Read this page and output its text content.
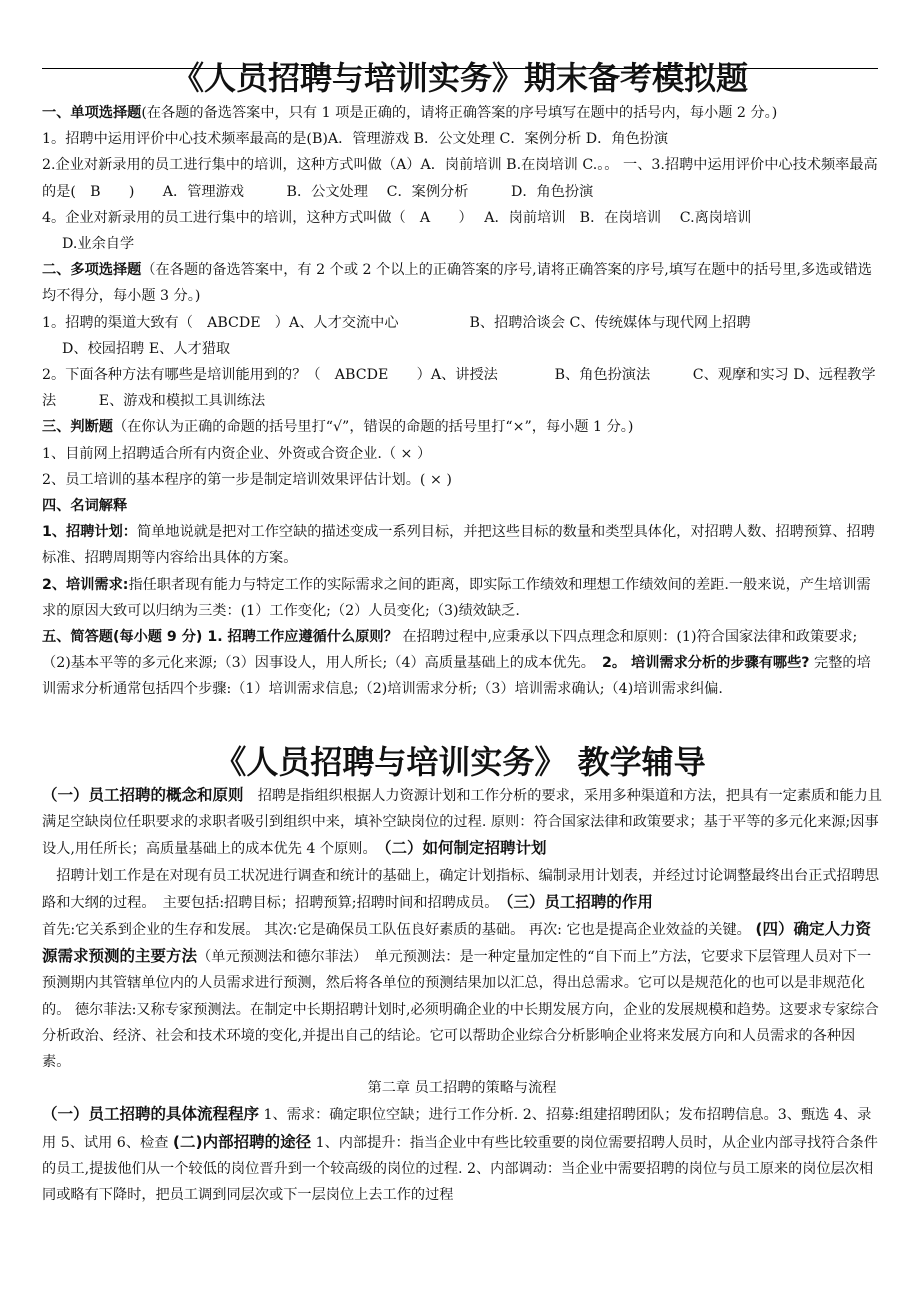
《人员招聘与培训实务》期末备考模拟题

一、单项选择题(在各题的备选答案中，只有 1 项是正确的，请将正确答案的序号填写在题中的括号内，每小题 2 分。)

1。招聘中运用评价中心技术频率最高的是(B)A．管理游戏 B．公文处理 C．案例分析 D．角色扮演

2.企业对新录用的员工进行集中的培训，这种方式叫做（A）A．岗前培训 B.在岗培训 C.。。 一、3.招聘中运用评价中心技术频率最高的是(　B　　)　　A．管理游戏　　　B．公文处理　 C．案例分析　　　D．角色扮演

4。企业对新录用的员工进行集中的培训，这种方式叫做（　A　　）　 A．岗前培训　B．在岗培训　 C.离岗培训

D.业余自学

二、多项选择题（在各题的备选答案中，有 2 个或 2 个以上的正确答案的序号,请将正确答案的序号,填写在题中的括号里,多选或错选均不得分，每小题 3 分。)

1。招聘的渠道大致有（　ABCDE　）A、人才交流中心　　　　　B、招聘洽谈会 C、传统媒体与现代网上招聘

D、校园招聘 E、人才猎取

2。下面各种方法有哪些是培训能用到的？（　ABCDE　　）A、讲授法　　　　B、角色扮演法　　　C、观摩和实习 D、远程教学法　　　E、游戏和模拟工具训练法

三、判断题（在你认为正确的命题的括号里打“√”，错误的命题的括号里打“×”，每小题 1 分。)

1、目前网上招聘适合所有内资企业、外资或合资企业.（ × ）

2、员工培训的基本程序的第一步是制定培训效果评估计划。( × )

四、名词解释

1、招聘计划：简单地说就是把对工作空缺的描述变成一系列目标，并把这些目标的数量和类型具体化，对招聘人数、招聘预算、招聘标准、招聘周期等内容给出具体的方案。

2、培训需求:指任职者现有能力与特定工作的实际需求之间的距离，即实际工作绩效和理想工作绩效间的差距.一般来说，产生培训需求的原因大致可以归纳为三类：(1）工作变化;（2）人员变化;（3)绩效缺乏.

五、简答题(每小题 9 分) 1. 招聘工作应遵循什么原则？ 在招聘过程中,应秉承以下四点理念和原则：(1)符合国家法律和政策要求;（2)基本平等的多元化来源;（3）因事设人，用人所长;（4）高质量基础上的成本优先。　2。 培训需求分析的步骤有哪些? 完整的培训需求分析通常包括四个步骤:（1）培训需求信息;（2)培训需求分析;（3）培训需求确认;（4)培训需求纠偏.

《人员招聘与培训实务》 教学辅导

（一）员工招聘的概念和原则　招聘是指组织根据人力资源计划和工作分析的要求，采用多种渠道和方法，把具有一定素质和能力且满足空缺岗位任职要求的求职者吸引到组织中来，填补空缺岗位的过程. 原则：符合国家法律和政策要求；基于平等的多元化来源;因事设人,用任所长；高质量基础上的成本优先 4 个原则。　（二）如何制定招聘计划

　招聘计划工作是在对现有员工状况进行调查和统计的基础上，确定计划指标、编制录用计划表，并经过讨论调整最终出台正式招聘思路和大纲的过程。　主要包括:招聘目标；招聘预算;招聘时间和招聘成员。　（三）员工招聘的作用

首先:它关系到企业的生存和发展。 其次:它是确保员工队伍良好素质的基础。 再次: 它也是提高企业效益的关键。 (四）确定人力资源需求预测的主要方法（单元预测法和德尔菲法）　单元预测法：是一种定量加定性的“自下而上”方法，它要求下层管理人员对下一预测期内其管辖单位内的人员需求进行预测，然后将各单位的预测结果加以汇总，得出总需求。它可以是规范化的也可以是非规范化的。 德尔菲法:又称专家预测法。在制定中长期招聘计划时,必须明确企业的中长期发展方向，企业的发展规模和趋势。这要求专家综合分析政治、经济、社会和技术环境的变化,并提出自己的结论。它可以帮助企业综合分析影响企业将来发展方向和人员需求的各种因素。

第二章 员工招聘的策略与流程

（一）员工招聘的具体流程程序 1、需求：确定职位空缺；进行工作分析. 2、招募:组建招聘团队；发布招聘信息。3、甄选 4、录用 5、试用 6、检查 (二)内部招聘的途径 1、内部提升：指当企业中有些比较重要的岗位需要招聘人员时，从企业内部寻找符合条件的员工,提拔他们从一个较低的岗位晋升到一个较高级的岗位的过程. 2、内部调动：当企业中需要招聘的岗位与员工原来的岗位层次相同或略有下降时，把员工调到同层次或下一层岗位上去工作的过程
